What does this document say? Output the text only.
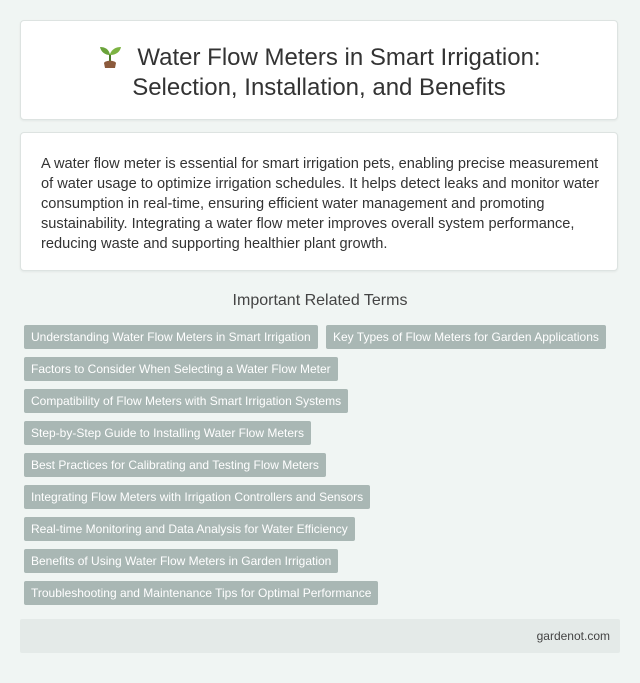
Water Flow Meters in Smart Irrigation:
Selection, Installation, and Benefits

A water flow meter is essential for smart irrigation pets, enabling precise measurement of water usage to optimize irrigation schedules. It helps detect leaks and monitor water consumption in real-time, ensuring efficient water management and promoting sustainability. Integrating a water flow meter improves overall system performance, reducing waste and supporting healthier plant growth.

Important Related Terms
Understanding Water Flow Meters in Smart Irrigation	Key Types of Flow Meters for Garden Applications
Factors to Consider When Selecting a Water Flow Meter
Compatibility of Flow Meters with Smart Irrigation Systems
Step-by-Step Guide to Installing Water Flow Meters
Best Practices for Calibrating and Testing Flow Meters
Integrating Flow Meters with Irrigation Controllers and Sensors
Real-time Monitoring and Data Analysis for Water Efficiency
Benefits of Using Water Flow Meters in Garden Irrigation
Troubleshooting and Maintenance Tips for Optimal Performance
gardenot.com
